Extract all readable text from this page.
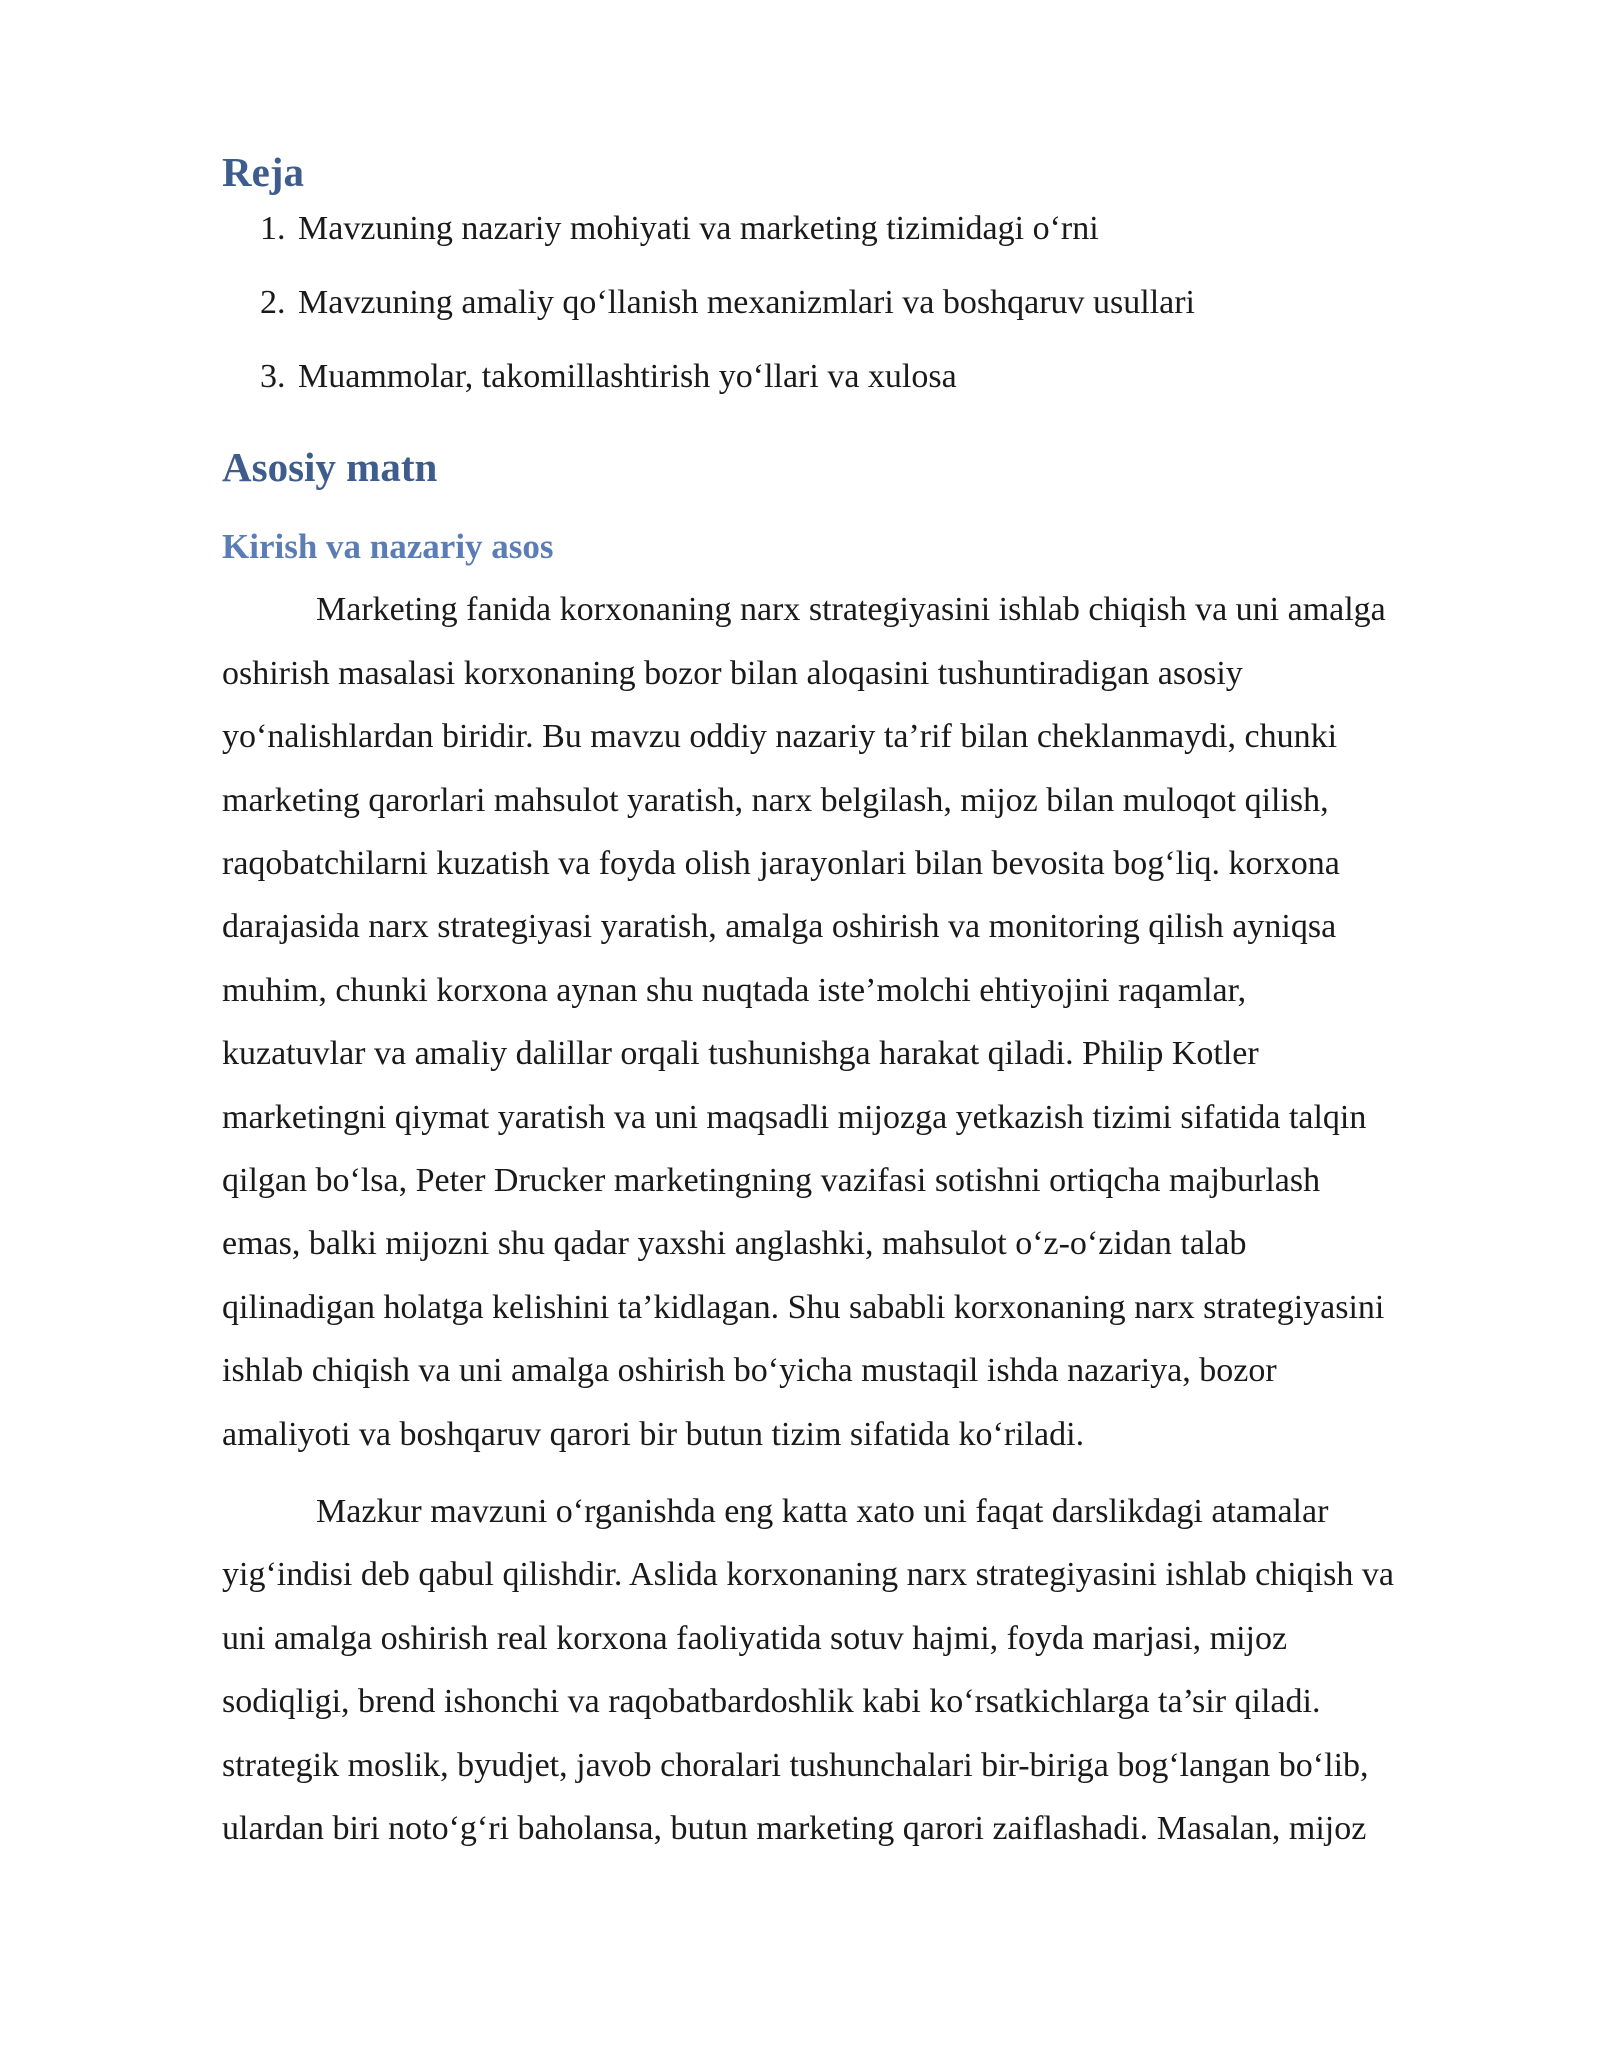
Reja
1. Mavzuning nazariy mohiyati va marketing tizimidagi o‘rni
2. Mavzuning amaliy qo‘llanish mexanizmlari va boshqaruv usullari
3. Muammolar, takomillashtirish yo‘llari va xulosa
Asosiy matn
Kirish va nazariy asos

Marketing fanida korxonaning narx strategiyasini ishlab chiqish va uni amalga
oshirish masalasi korxonaning bozor bilan aloqasini tushuntiradigan asosiy
yo‘nalishlardan biridir. Bu mavzu oddiy nazariy ta’rif bilan cheklanmaydi, chunki
marketing qarorlari mahsulot yaratish, narx belgilash, mijoz bilan muloqot qilish,
raqobatchilarni kuzatish va foyda olish jarayonlari bilan bevosita bog‘liq. korxona
darajasida narx strategiyasi yaratish, amalga oshirish va monitoring qilish ayniqsa
muhim, chunki korxona aynan shu nuqtada iste’molchi ehtiyojini raqamlar,
kuzatuvlar va amaliy dalillar orqali tushunishga harakat qiladi. Philip Kotler
marketingni qiymat yaratish va uni maqsadli mijozga yetkazish tizimi sifatida talqin
qilgan bo‘lsa, Peter Drucker marketingning vazifasi sotishni ortiqcha majburlash
emas, balki mijozni shu qadar yaxshi anglashki, mahsulot o‘z-o‘zidan talab
qilinadigan holatga kelishini ta’kidlagan. Shu sababli korxonaning narx strategiyasini
ishlab chiqish va uni amalga oshirish bo‘yicha mustaqil ishda nazariya, bozor
amaliyoti va boshqaruv qarori bir butun tizim sifatida ko‘riladi.

Mazkur mavzuni o‘rganishda eng katta xato uni faqat darslikdagi atamalar
yig‘indisi deb qabul qilishdir. Aslida korxonaning narx strategiyasini ishlab chiqish va
uni amalga oshirish real korxona faoliyatida sotuv hajmi, foyda marjasi, mijoz
sodiqligi, brend ishonchi va raqobatbardoshlik kabi ko‘rsatkichlarga ta’sir qiladi.
strategik moslik, byudjet, javob choralari tushunchalari bir-biriga bog‘langan bo‘lib,
ulardan biri noto‘g‘ri baholansa, butun marketing qarori zaiflashadi. Masalan, mijoz
